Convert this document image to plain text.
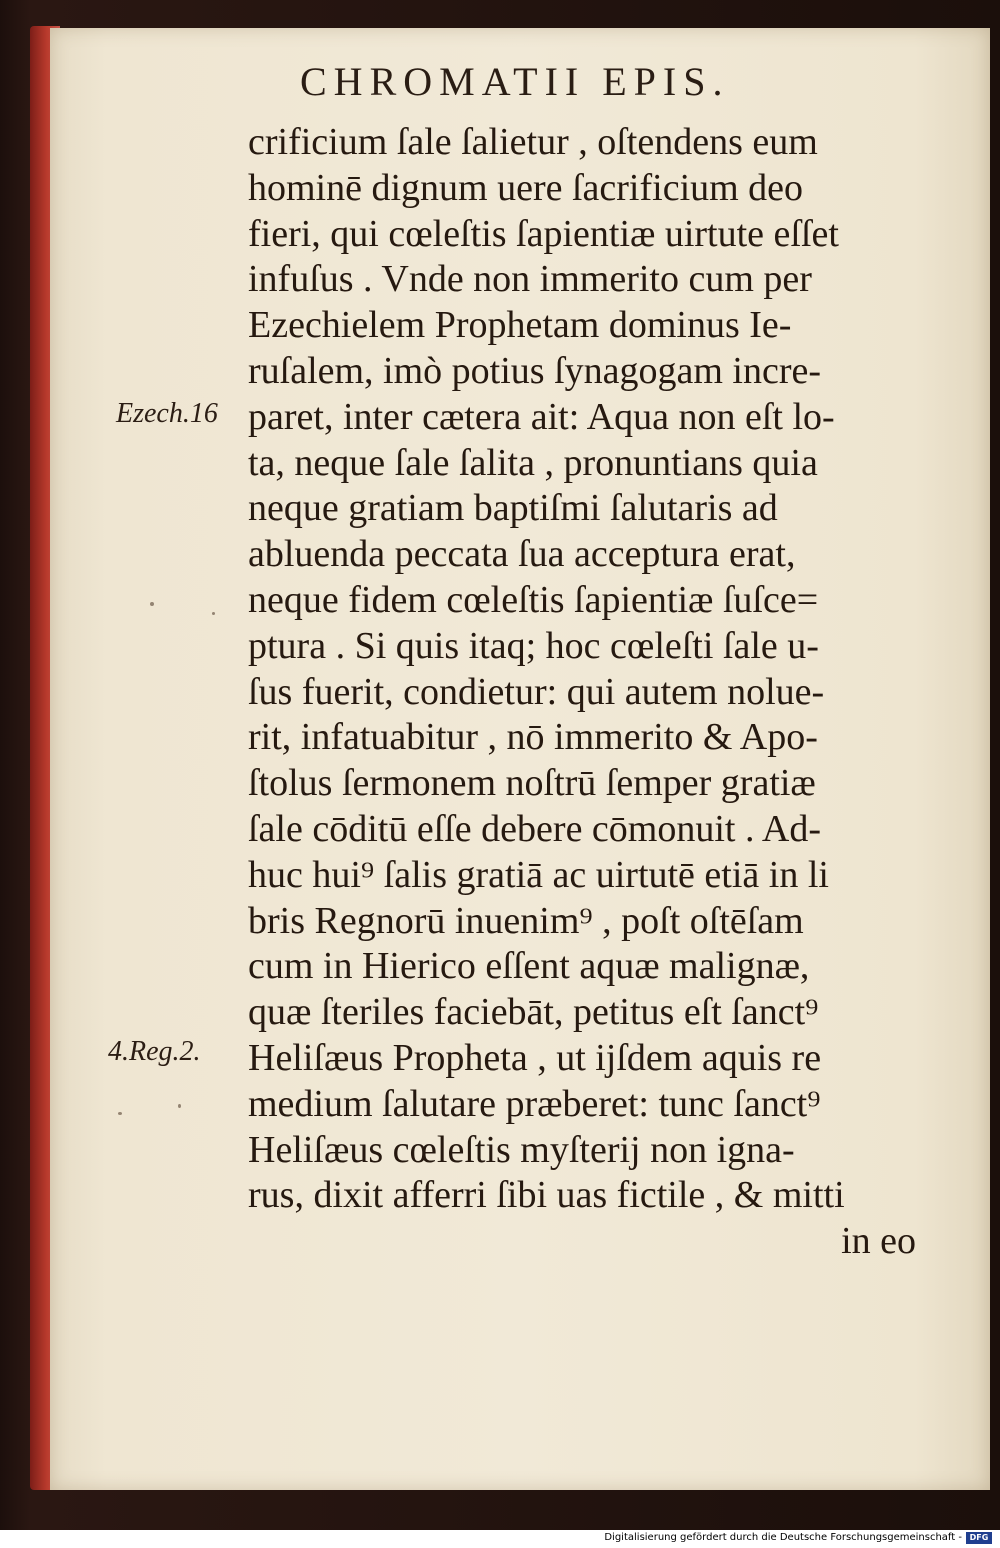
CHROMATII EPIS.
crificium ſale ſalietur , oſtendens eum
hominē dignum uere ſacrificium deo
fieri, qui cœleſtis ſapientiæ uirtute eſſet
infuſus . Vnde non immerito cum per
Ezechielem Prophetam dominus Ie-
ruſalem, imò potius ſynagogam incre-
paret, inter cætera ait: Aqua non eſt lo-
ta, neque ſale ſalita , pronuntians quia
neque gratiam baptiſmi ſalutaris ad
abluenda peccata ſua acceptura erat,
neque fidem cœleſtis ſapientiæ ſuſce=
ptura . Si quis itaq; hoc cœleſti ſale u-
ſus fuerit, condietur: qui autem nolue-
rit, infatuabitur , nō immerito & Apo-
ſtolus ſermonem noſtrū ſemper gratiæ
ſale cōditū eſſe debere cōmonuit . Ad-
huc hui⁹ ſalis gratiā ac uirtutē etiā in li
bris Regnorū inuenim⁹ , poſt oſtēſam
cum in Hierico eſſent aquæ malignæ,
quæ ſteriles faciebāt, petitus eſt ſanct⁹
Heliſæus Propheta , ut ijſdem aquis re
medium ſalutare præberet: tunc ſanct⁹
Heliſæus cœleſtis myſterij non igna-
rus, dixit afferri ſibi uas fictile , & mitti
in eo
Ezech.16
4.Reg.2.
Digitalisierung gefördert durch die Deutsche Forschungsgemeinschaft - DFG
